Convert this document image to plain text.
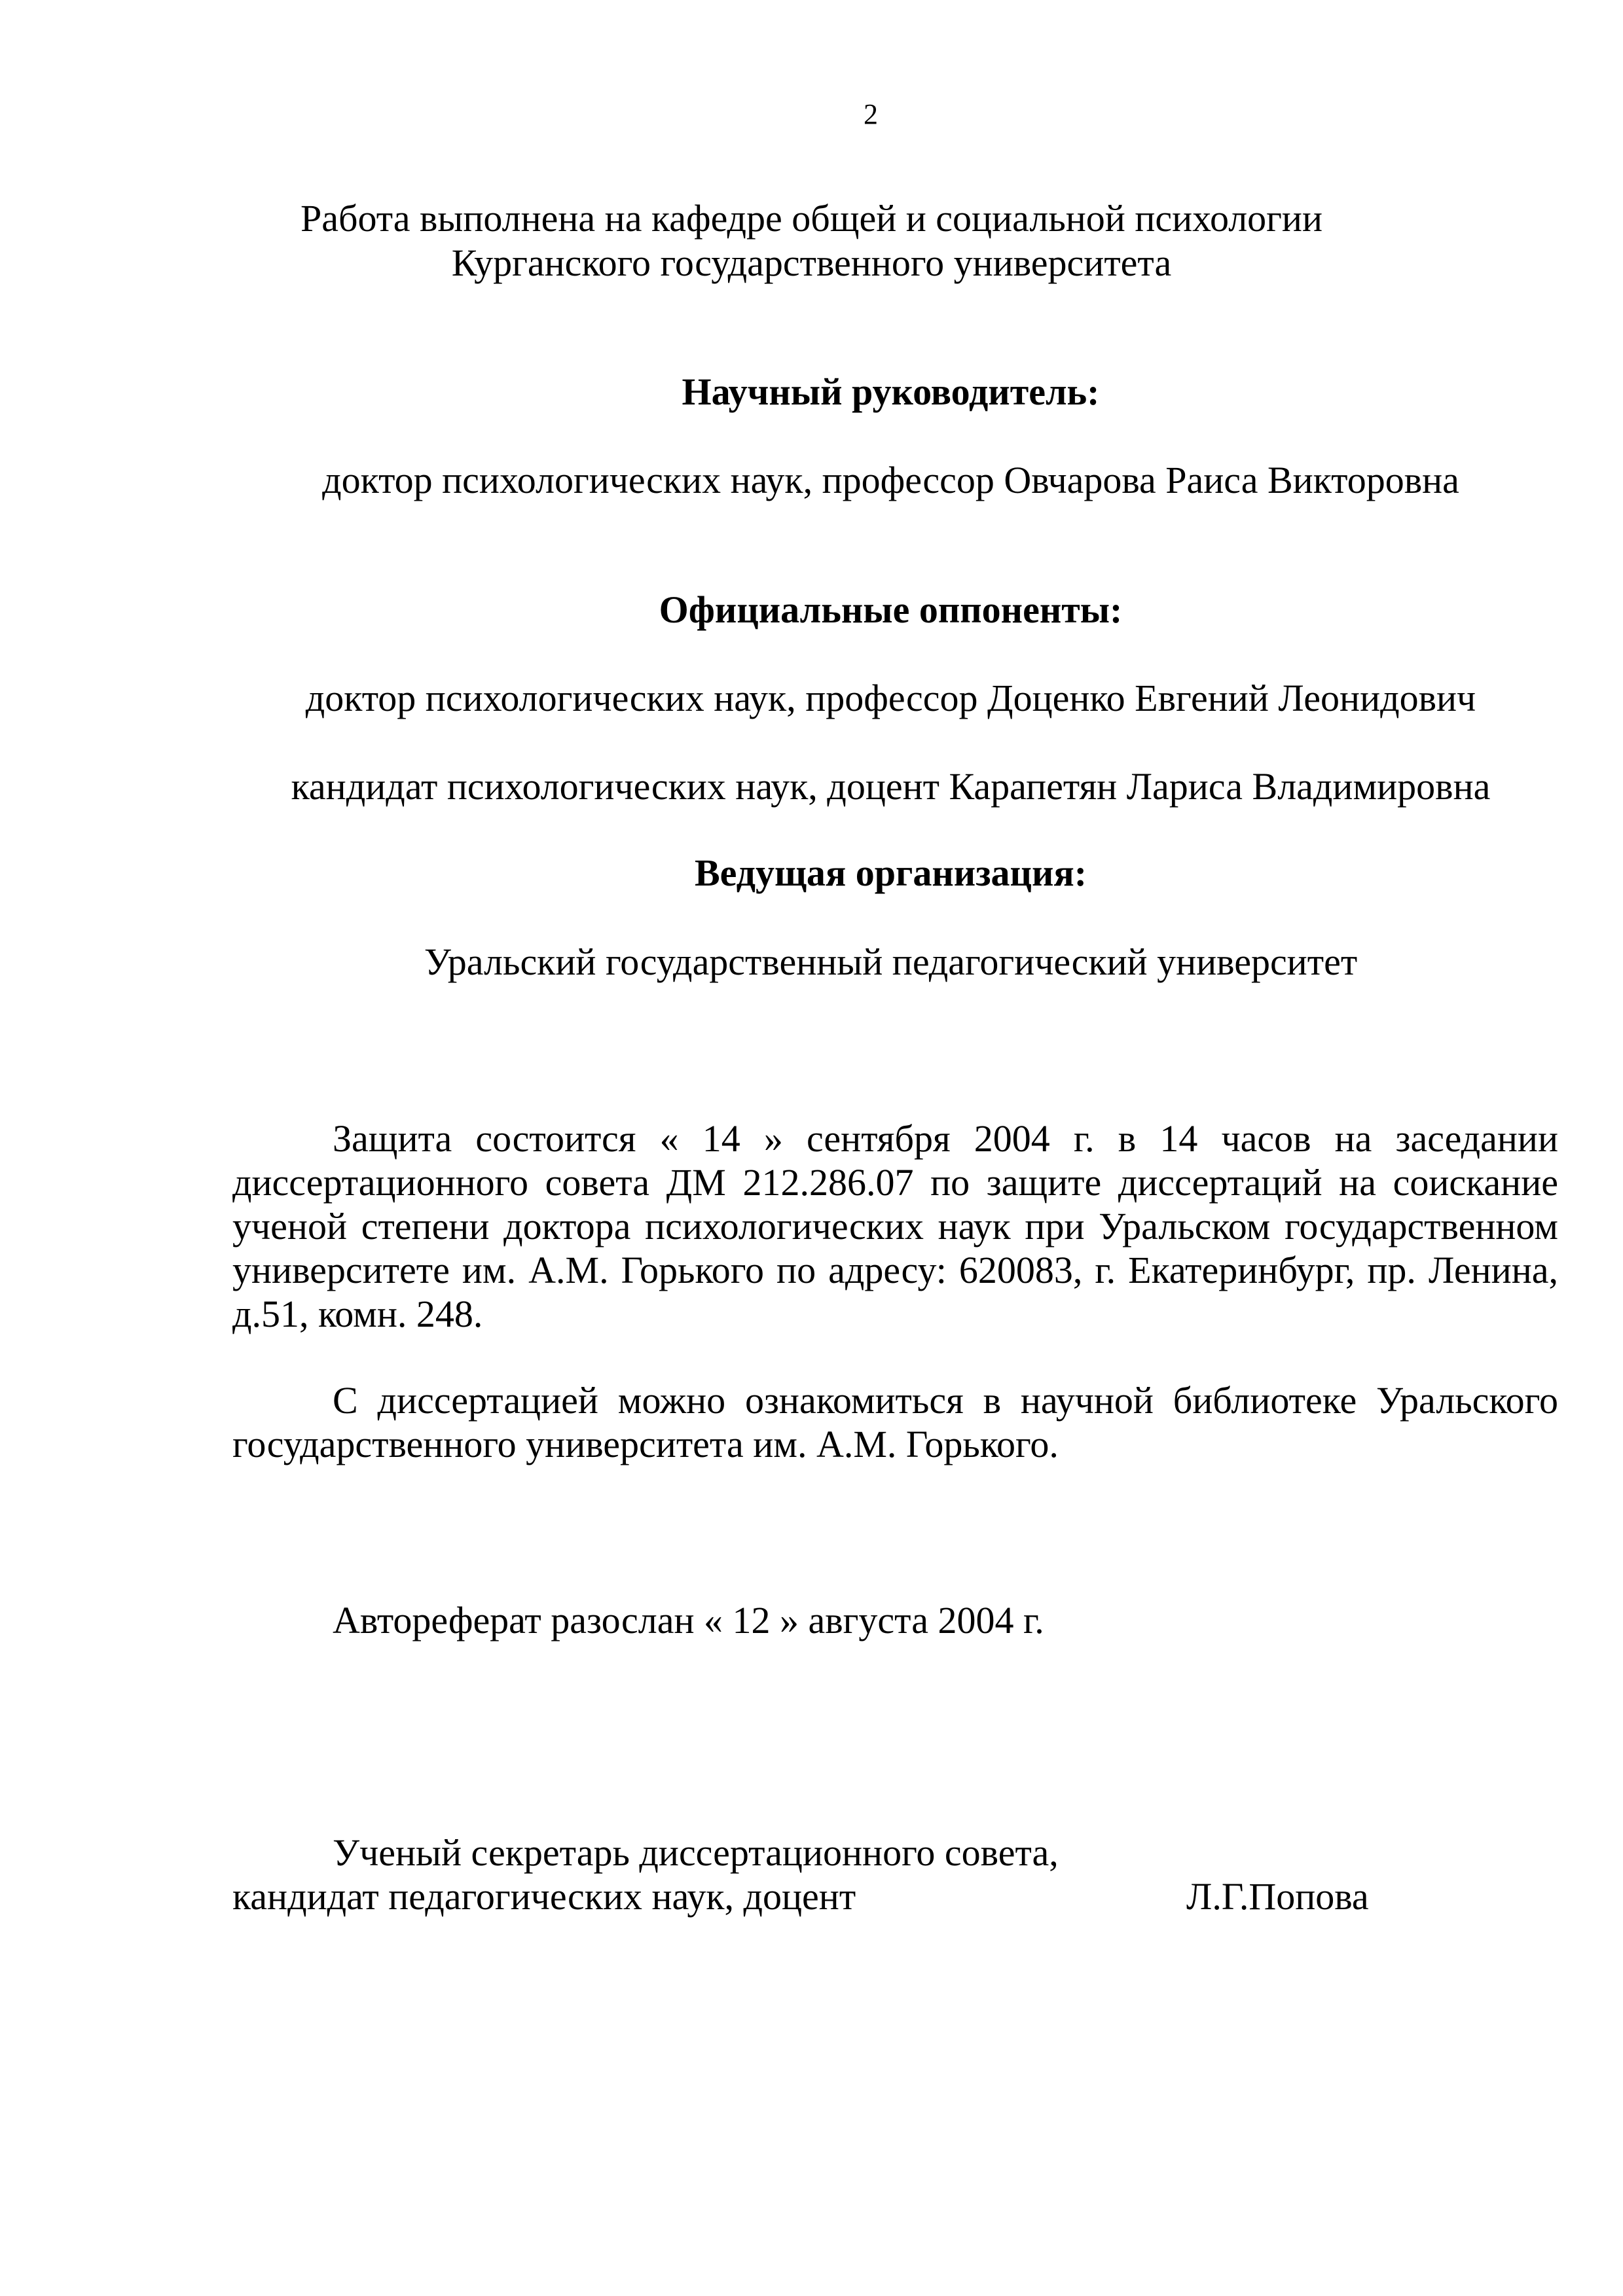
2
Работа выполнена на кафедре общей и социальной психологии
Курганского государственного университета
Научный руководитель:
доктор психологических наук, профессор Овчарова Раиса Викторовна
Официальные оппоненты:
доктор психологических наук, профессор Доценко Евгений Леонидович
кандидат психологических наук, доцент Карапетян Лариса Владимировна
Ведущая организация:
Уральский государственный педагогический университет
Защита состоится « 14 » сентября 2004 г. в 14 часов на заседании диссертационного совета ДМ 212.286.07 по защите диссертаций на соискание ученой степени доктора психологических наук при Уральском государственном университете им. А.М. Горького по адресу: 620083, г. Екатеринбург, пр. Ленина, д.51, комн. 248.
С диссертацией можно ознакомиться в научной библиотеке Уральского государственного университета им. А.М. Горького.
Автореферат разослан « 12 » августа 2004 г.
Ученый секретарь диссертационного совета,
кандидат педагогических наук, доцент	Л.Г.Попова
